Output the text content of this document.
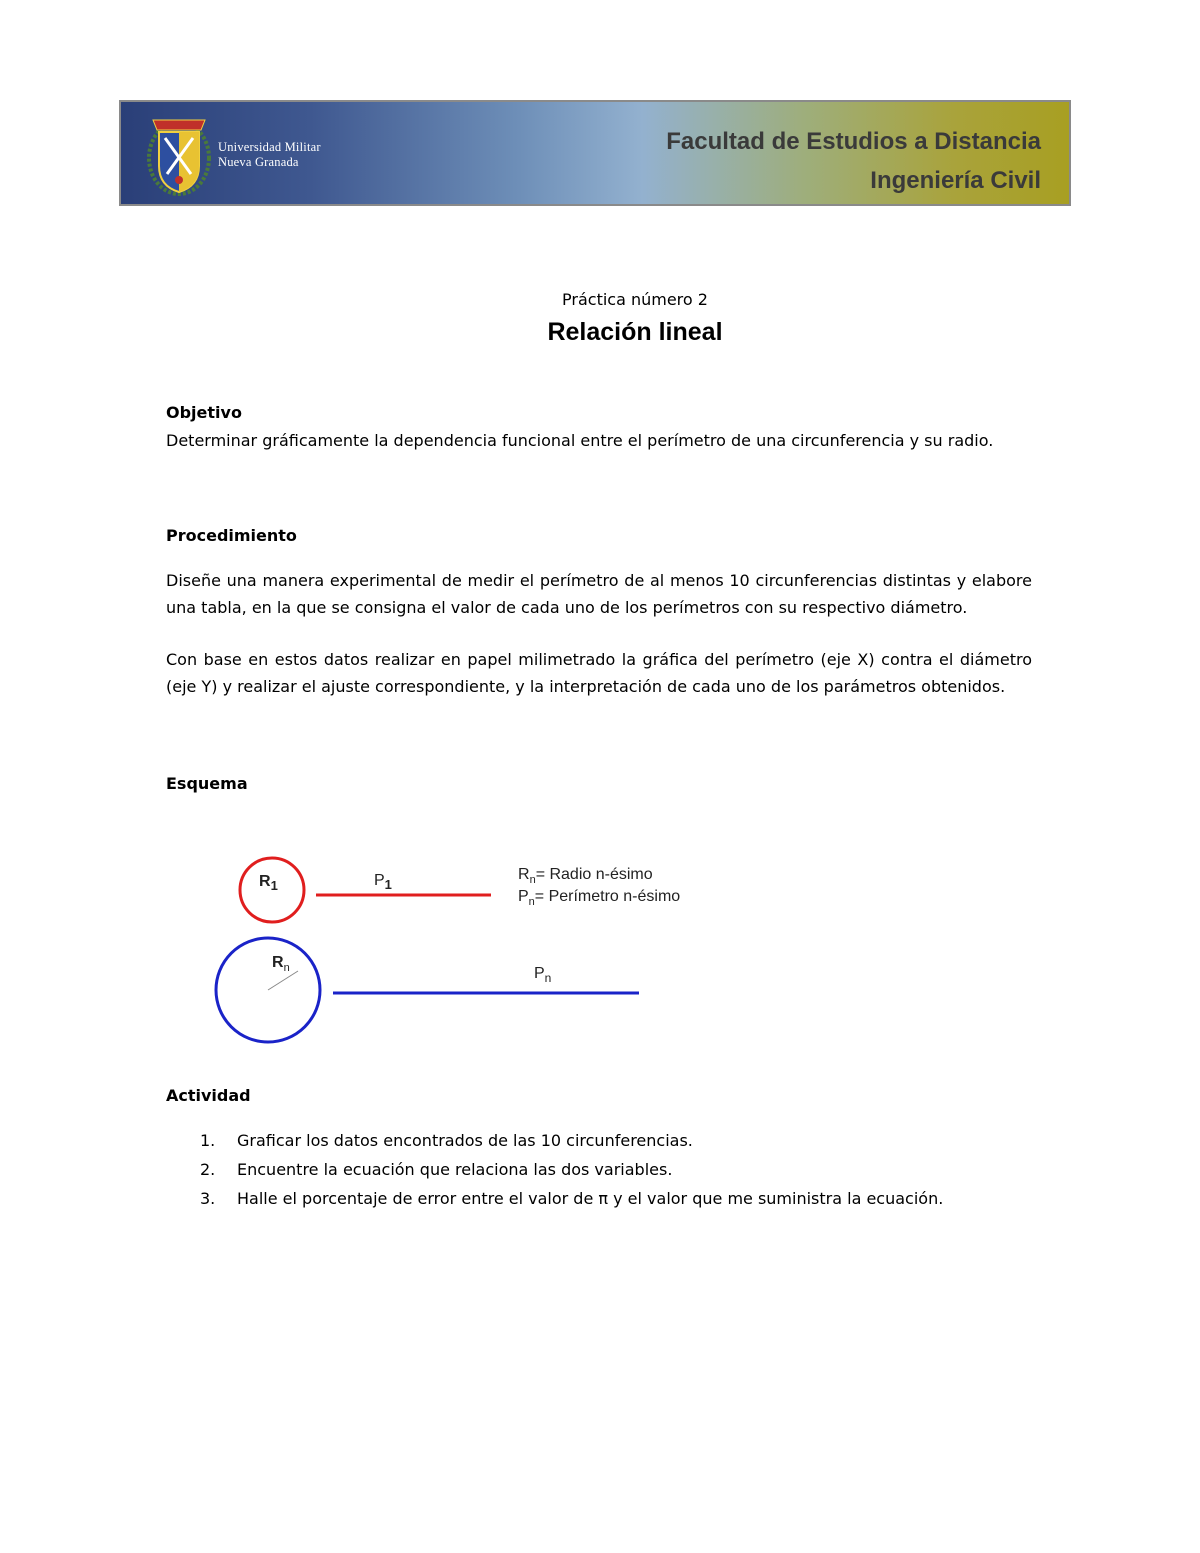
Universidad Militar
Nueva Granada
Facultad de Estudios a Distancia
Ingeniería Civil
Práctica número 2
Relación lineal
Objetivo
Determinar gráficamente la dependencia funcional entre el perímetro de una circunferencia y su radio.
Procedimiento
Diseñe una manera experimental de medir el perímetro de al menos 10 circunferencias distintas y elabore una tabla, en la que se consigna el valor de cada uno de los perímetros con su respectivo diámetro.
Con base en estos datos realizar en papel milimetrado la gráfica del perímetro (eje X) contra el diámetro (eje Y) y realizar el ajuste correspondiente, y la interpretación de cada uno de los parámetros obtenidos.
Esquema
$R_1$	$P_1$
$R_n$	$P_n$
$R_n=$ Radio n-ésimo
$P_n=$ Perímetro n-ésimo
Actividad
1. Graficar los datos encontrados de las 10 circunferencias.
2. Encuentre la ecuación que relaciona las dos variables.
3. Halle el porcentaje de error entre el valor de π y el valor que me suministra la ecuación.
